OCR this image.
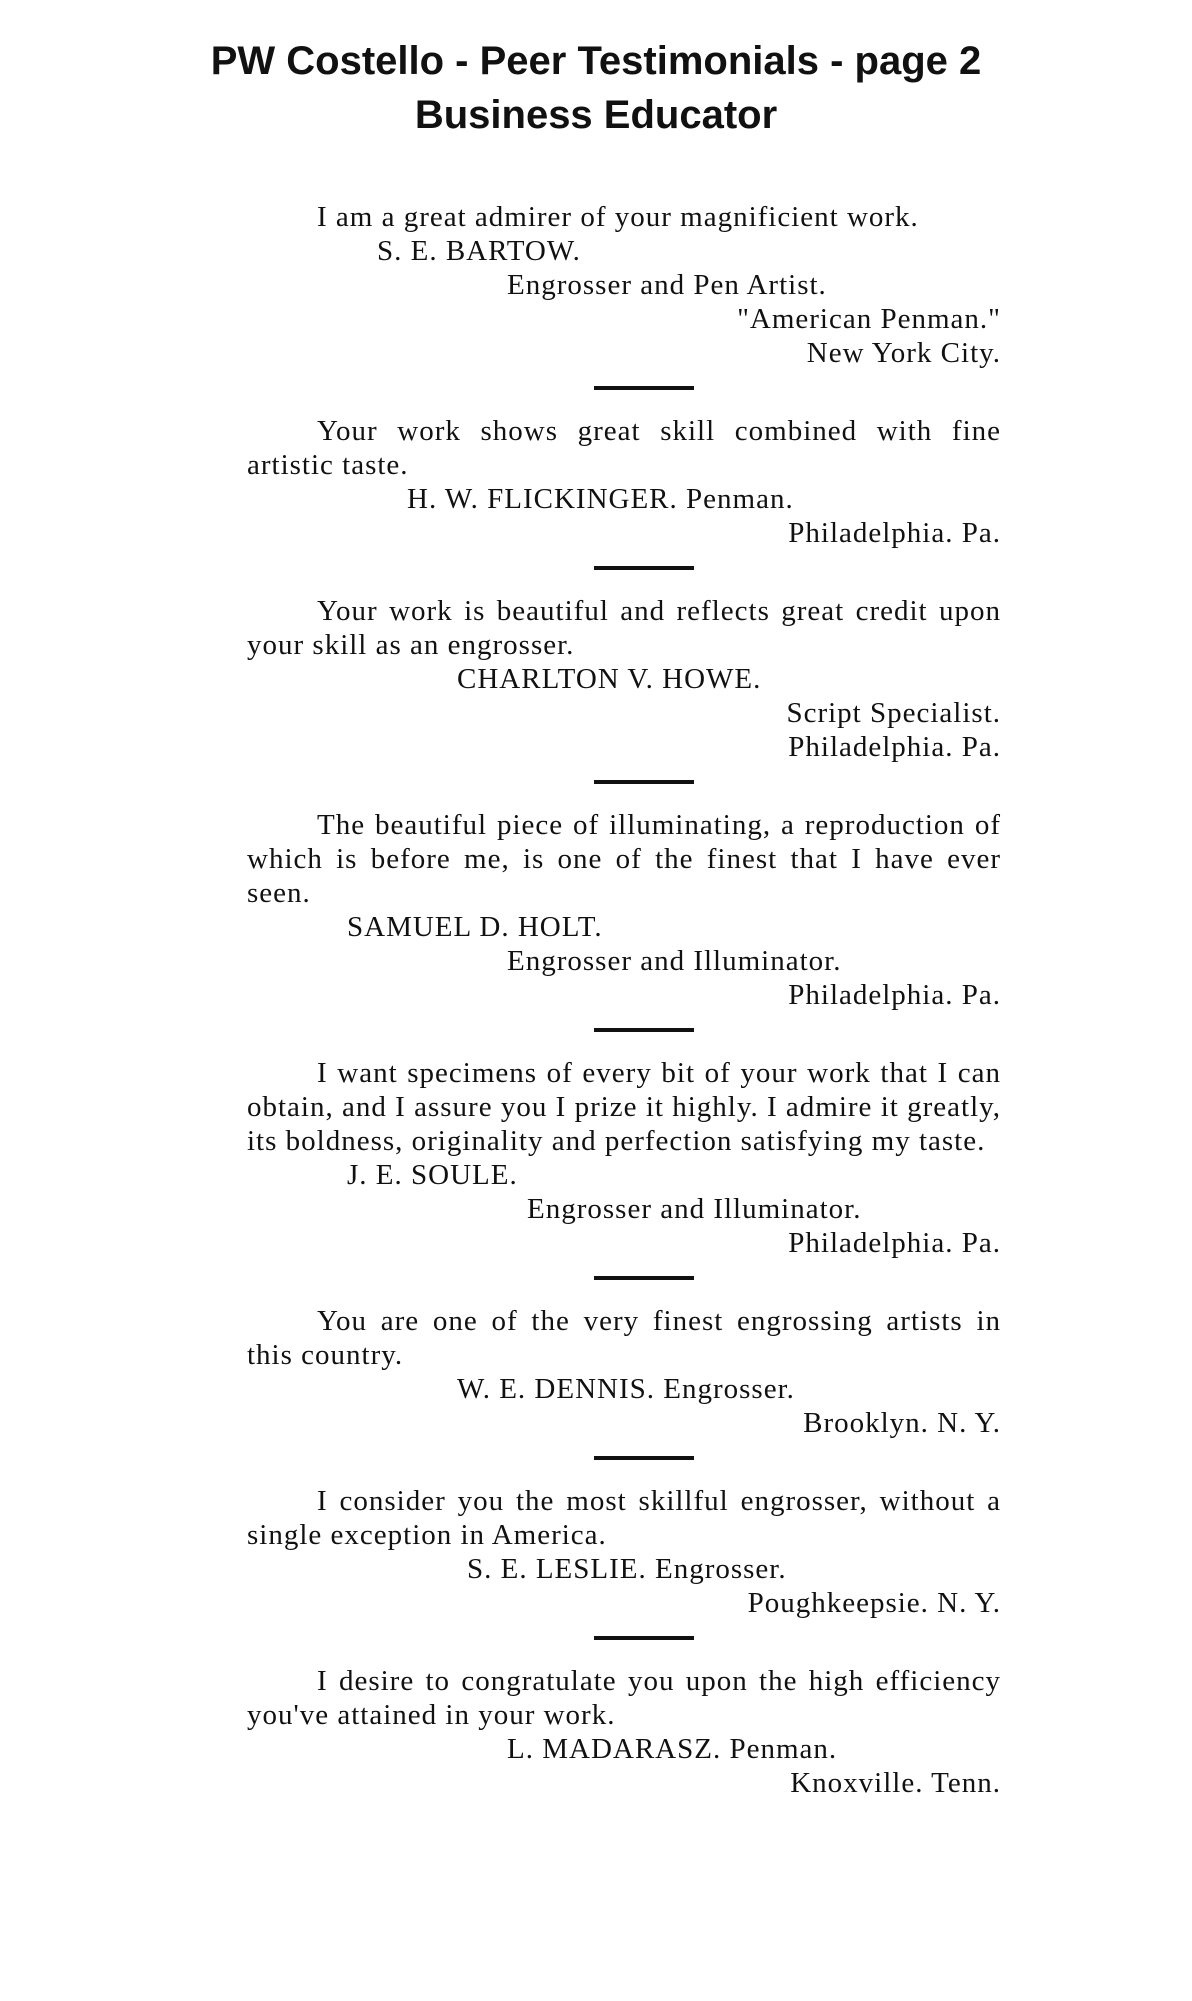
PW Costello - Peer Testimonials - page 2
Business Educator

I am a great admirer of your magnificient work.

S. E. BARTOW.
Engrosser and Pen Artist.
"American Penman."
New York City.

Your work shows great skill combined with fine artistic taste.

H. W. FLICKINGER. Penman.
Philadelphia. Pa.

Your work is beautiful and reflects great credit upon your skill as an engrosser.

CHARLTON V. HOWE.
Script Specialist.
Philadelphia. Pa.

The beautiful piece of illuminating, a reproduction of which is before me, is one of the finest that I have ever seen.

SAMUEL D. HOLT.
Engrosser and Illuminator.
Philadelphia. Pa.

I want specimens of every bit of your work that I can obtain, and I assure you I prize it highly. I admire it greatly, its boldness, originality and perfection satisfying my taste.

J. E. SOULE.
Engrosser and Illuminator.
Philadelphia. Pa.

You are one of the very finest engrossing artists in this country.

W. E. DENNIS. Engrosser.
Brooklyn. N. Y.

I consider you the most skillful engrosser, without a single exception in America.

S. E. LESLIE. Engrosser.
Poughkeepsie. N. Y.

I desire to congratulate you upon the high efficiency you've attained in your work.

L. MADARASZ. Penman.
Knoxville. Tenn.
